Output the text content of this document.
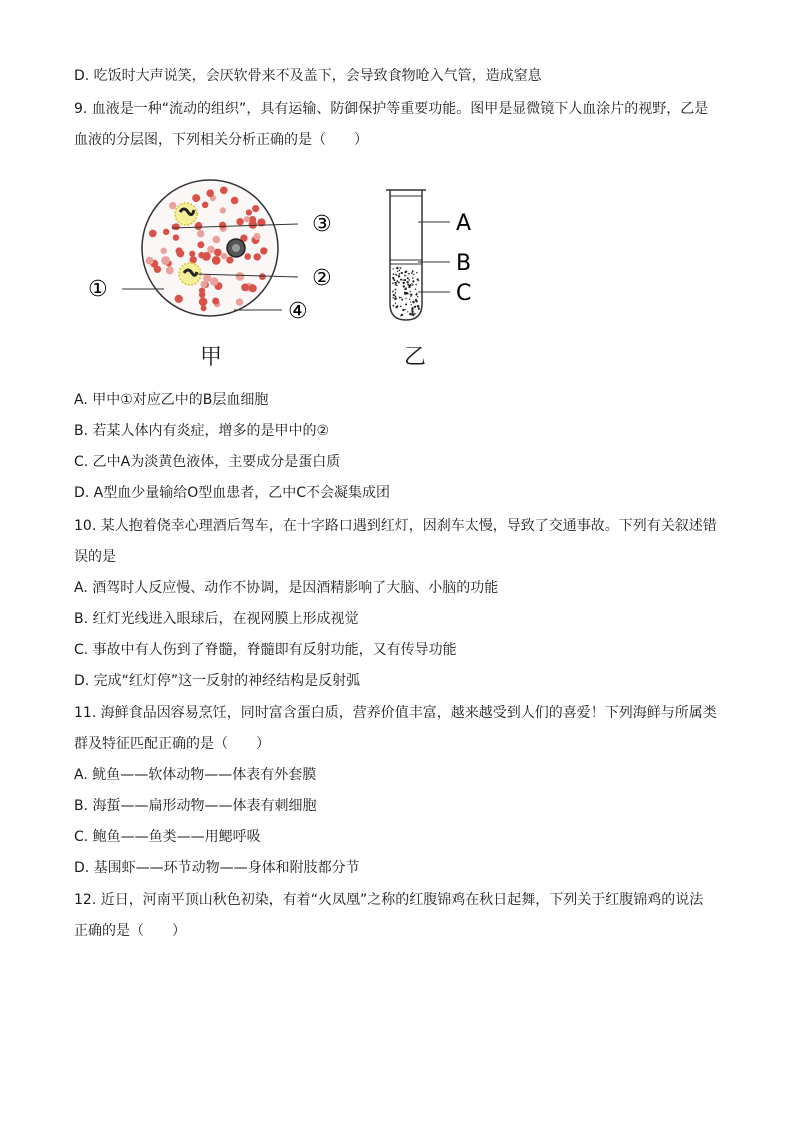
D. 吃饭时大声说笑，会厌软骨来不及盖下，会导致食物呛入气管，造成窒息
9. 血液是一种“流动的组织”，具有运输、防御保护等重要功能。图甲是显微镜下人血涂片的视野，乙是
血液的分层图，下列相关分析正确的是（　　）
③
②
①
④
A
B
C
甲	乙
A. 甲中①对应乙中的B层血细胞
B. 若某人体内有炎症，增多的是甲中的②
C. 乙中A为淡黄色液体，主要成分是蛋白质
D. A型血少量输给O型血患者，乙中C不会凝集成团
10. 某人抱着侥幸心理酒后驾车，在十字路口遇到红灯，因刹车太慢，导致了交通事故。下列有关叙述错
误的是
A. 酒驾时人反应慢、动作不协调，是因酒精影响了大脑、小脑的功能
B. 红灯光线进入眼球后，在视网膜上形成视觉
C. 事故中有人伤到了脊髓，脊髓即有反射功能，又有传导功能
D. 完成“红灯停”这一反射的神经结构是反射弧
11. 海鲜食品因容易烹饪，同时富含蛋白质，营养价值丰富，越来越受到人们的喜爱！下列海鲜与所属类
群及特征匹配正确的是（　　）
A. 鱿鱼——软体动物——体表有外套膜
B. 海蜇——扁形动物——体表有刺细胞
C. 鲍鱼——鱼类——用鳃呼吸
D. 基围虾——环节动物——身体和附肢都分节
12. 近日，河南平顶山秋色初染，有着“火凤凰”之称的红腹锦鸡在秋日起舞，下列关于红腹锦鸡的说法
正确的是（　　）
